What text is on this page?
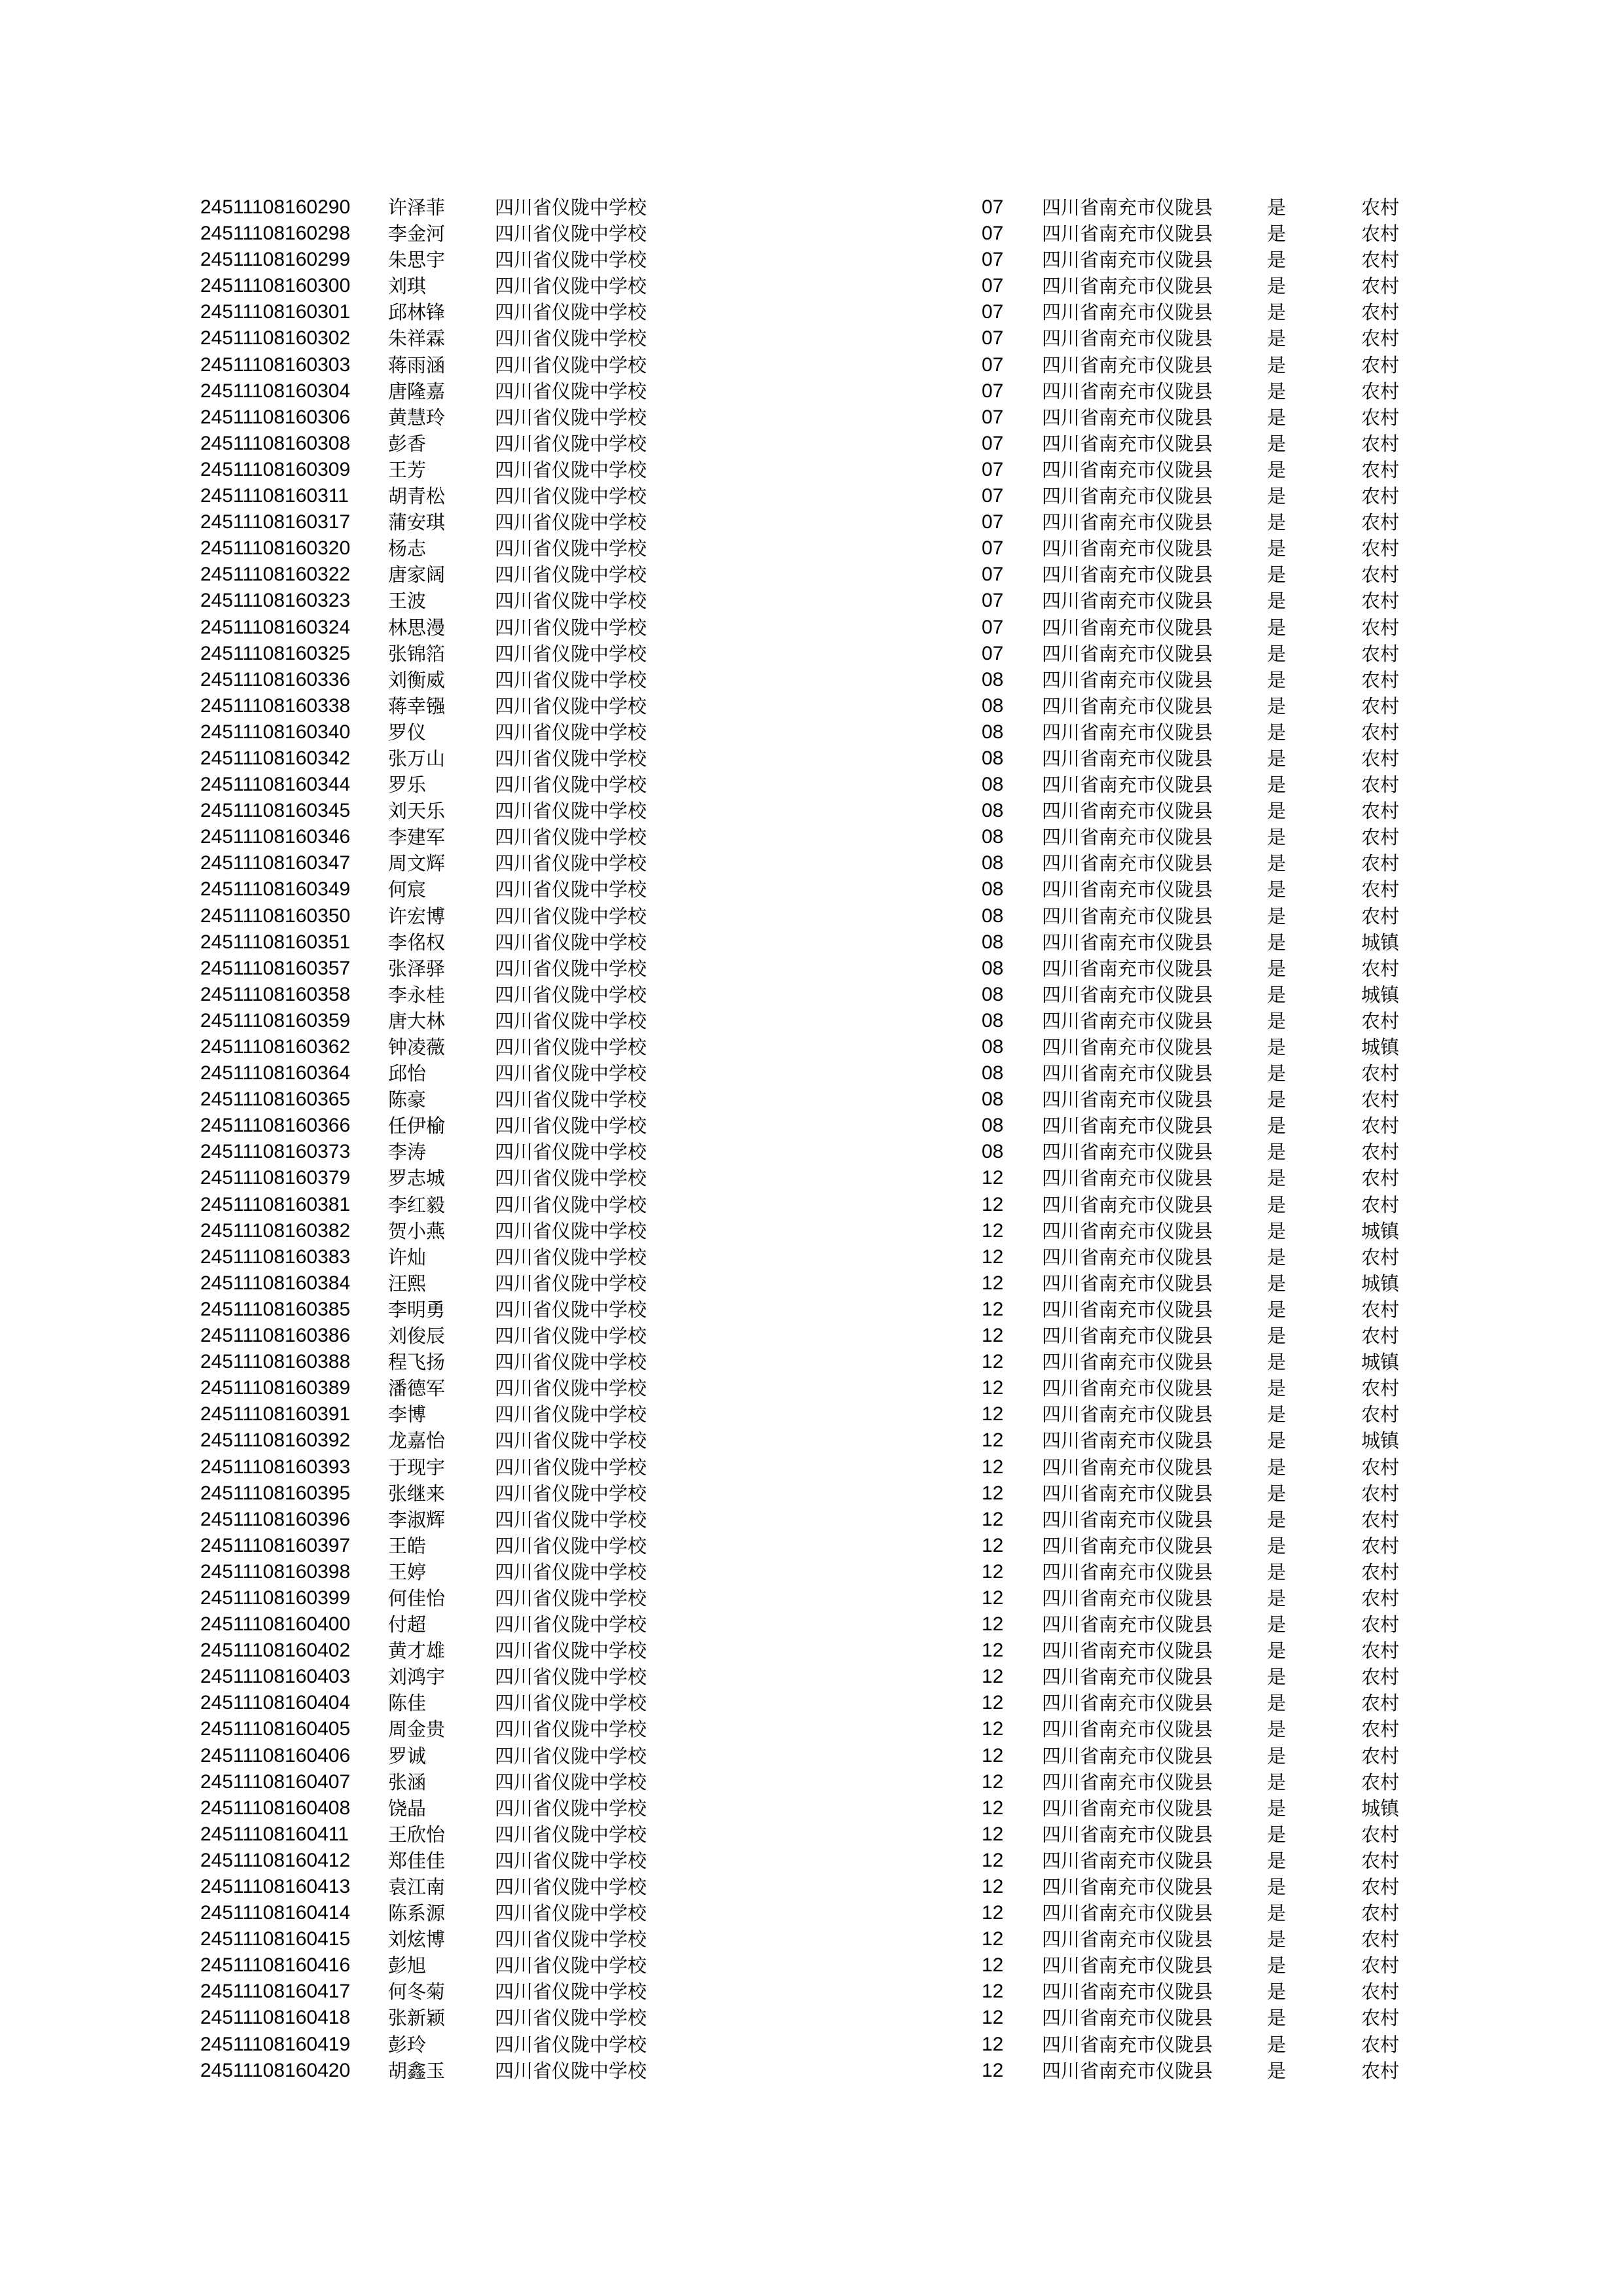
24511108160290 许泽菲	四川省仪陇中学校	07 四川省南充市仪陇县	是	农村
24511108160298 李金河	四川省仪陇中学校	07 四川省南充市仪陇县	是	农村
24511108160299 朱思宇	四川省仪陇中学校	07 四川省南充市仪陇县	是	农村
24511108160300 刘琪	四川省仪陇中学校	07 四川省南充市仪陇县	是	农村
24511108160301 邱林锋	四川省仪陇中学校	07 四川省南充市仪陇县	是	农村
24511108160302 朱祥霖	四川省仪陇中学校	07 四川省南充市仪陇县	是	农村
24511108160303 蒋雨涵	四川省仪陇中学校	07 四川省南充市仪陇县	是	农村
24511108160304 唐隆嘉	四川省仪陇中学校	07 四川省南充市仪陇县	是	农村
24511108160306 黄慧玲	四川省仪陇中学校	07 四川省南充市仪陇县	是	农村
24511108160308 彭香	四川省仪陇中学校	07 四川省南充市仪陇县	是	农村
24511108160309 王芳	四川省仪陇中学校	07 四川省南充市仪陇县	是	农村
24511108160311 胡青松	四川省仪陇中学校	07 四川省南充市仪陇县	是	农村
24511108160317 蒲安琪	四川省仪陇中学校	07 四川省南充市仪陇县	是	农村
24511108160320 杨志	四川省仪陇中学校	07 四川省南充市仪陇县	是	农村
24511108160322 唐家阔	四川省仪陇中学校	07 四川省南充市仪陇县	是	农村
24511108160323 王波	四川省仪陇中学校	07 四川省南充市仪陇县	是	农村
24511108160324 林思漫	四川省仪陇中学校	07 四川省南充市仪陇县	是	农村
24511108160325 张锦箔	四川省仪陇中学校	07 四川省南充市仪陇县	是	农村
24511108160336 刘衡威	四川省仪陇中学校	08 四川省南充市仪陇县	是	农村
24511108160338 蒋幸镪	四川省仪陇中学校	08 四川省南充市仪陇县	是	农村
24511108160340 罗仪	四川省仪陇中学校	08 四川省南充市仪陇县	是	农村
24511108160342 张万山	四川省仪陇中学校	08 四川省南充市仪陇县	是	农村
24511108160344 罗乐	四川省仪陇中学校	08 四川省南充市仪陇县	是	农村
24511108160345 刘天乐	四川省仪陇中学校	08 四川省南充市仪陇县	是	农村
24511108160346 李建军	四川省仪陇中学校	08 四川省南充市仪陇县	是	农村
24511108160347 周文辉	四川省仪陇中学校	08 四川省南充市仪陇县	是	农村
24511108160349 何宸	四川省仪陇中学校	08 四川省南充市仪陇县	是	农村
24511108160350 许宏博	四川省仪陇中学校	08 四川省南充市仪陇县	是	农村
24511108160351 李佲权	四川省仪陇中学校	08 四川省南充市仪陇县	是	城镇
24511108160357 张泽驿	四川省仪陇中学校	08 四川省南充市仪陇县	是	农村
24511108160358 李永桂	四川省仪陇中学校	08 四川省南充市仪陇县	是	城镇
24511108160359 唐大林	四川省仪陇中学校	08 四川省南充市仪陇县	是	农村
24511108160362 钟凌薇	四川省仪陇中学校	08 四川省南充市仪陇县	是	城镇
24511108160364 邱怡	四川省仪陇中学校	08 四川省南充市仪陇县	是	农村
24511108160365 陈豪	四川省仪陇中学校	08 四川省南充市仪陇县	是	农村
24511108160366 任伊榆	四川省仪陇中学校	08 四川省南充市仪陇县	是	农村
24511108160373 李涛	四川省仪陇中学校	08 四川省南充市仪陇县	是	农村
24511108160379 罗志城	四川省仪陇中学校	12 四川省南充市仪陇县	是	农村
24511108160381 李红毅	四川省仪陇中学校	12 四川省南充市仪陇县	是	农村
24511108160382 贺小燕	四川省仪陇中学校	12 四川省南充市仪陇县	是	城镇
24511108160383 许灿	四川省仪陇中学校	12 四川省南充市仪陇县	是	农村
24511108160384 汪熙	四川省仪陇中学校	12 四川省南充市仪陇县	是	城镇
24511108160385 李明勇	四川省仪陇中学校	12 四川省南充市仪陇县	是	农村
24511108160386 刘俊辰	四川省仪陇中学校	12 四川省南充市仪陇县	是	农村
24511108160388 程飞扬	四川省仪陇中学校	12 四川省南充市仪陇县	是	城镇
24511108160389 潘德军	四川省仪陇中学校	12 四川省南充市仪陇县	是	农村
24511108160391 李博	四川省仪陇中学校	12 四川省南充市仪陇县	是	农村
24511108160392 龙嘉怡	四川省仪陇中学校	12 四川省南充市仪陇县	是	城镇
24511108160393 于现宇	四川省仪陇中学校	12 四川省南充市仪陇县	是	农村
24511108160395 张继来	四川省仪陇中学校	12 四川省南充市仪陇县	是	农村
24511108160396 李淑辉	四川省仪陇中学校	12 四川省南充市仪陇县	是	农村
24511108160397 王皓	四川省仪陇中学校	12 四川省南充市仪陇县	是	农村
24511108160398 王婷	四川省仪陇中学校	12 四川省南充市仪陇县	是	农村
24511108160399 何佳怡	四川省仪陇中学校	12 四川省南充市仪陇县	是	农村
24511108160400 付超	四川省仪陇中学校	12 四川省南充市仪陇县	是	农村
24511108160402 黄才雄	四川省仪陇中学校	12 四川省南充市仪陇县	是	农村
24511108160403 刘鸿宇	四川省仪陇中学校	12 四川省南充市仪陇县	是	农村
24511108160404 陈佳	四川省仪陇中学校	12 四川省南充市仪陇县	是	农村
24511108160405 周金贵	四川省仪陇中学校	12 四川省南充市仪陇县	是	农村
24511108160406 罗诚	四川省仪陇中学校	12 四川省南充市仪陇县	是	农村
24511108160407 张涵	四川省仪陇中学校	12 四川省南充市仪陇县	是	农村
24511108160408 饶晶	四川省仪陇中学校	12 四川省南充市仪陇县	是	城镇
24511108160411 王欣怡	四川省仪陇中学校	12 四川省南充市仪陇县	是	农村
24511108160412 郑佳佳	四川省仪陇中学校	12 四川省南充市仪陇县	是	农村
24511108160413 袁江南	四川省仪陇中学校	12 四川省南充市仪陇县	是	农村
24511108160414 陈系源	四川省仪陇中学校	12 四川省南充市仪陇县	是	农村
24511108160415 刘炫博	四川省仪陇中学校	12 四川省南充市仪陇县	是	农村
24511108160416 彭旭	四川省仪陇中学校	12 四川省南充市仪陇县	是	农村
24511108160417 何冬菊	四川省仪陇中学校	12 四川省南充市仪陇县	是	农村
24511108160418 张新颖	四川省仪陇中学校	12 四川省南充市仪陇县	是	农村
24511108160419 彭玲	四川省仪陇中学校	12 四川省南充市仪陇县	是	农村
24511108160420 胡鑫玉	四川省仪陇中学校	12 四川省南充市仪陇县	是	农村
